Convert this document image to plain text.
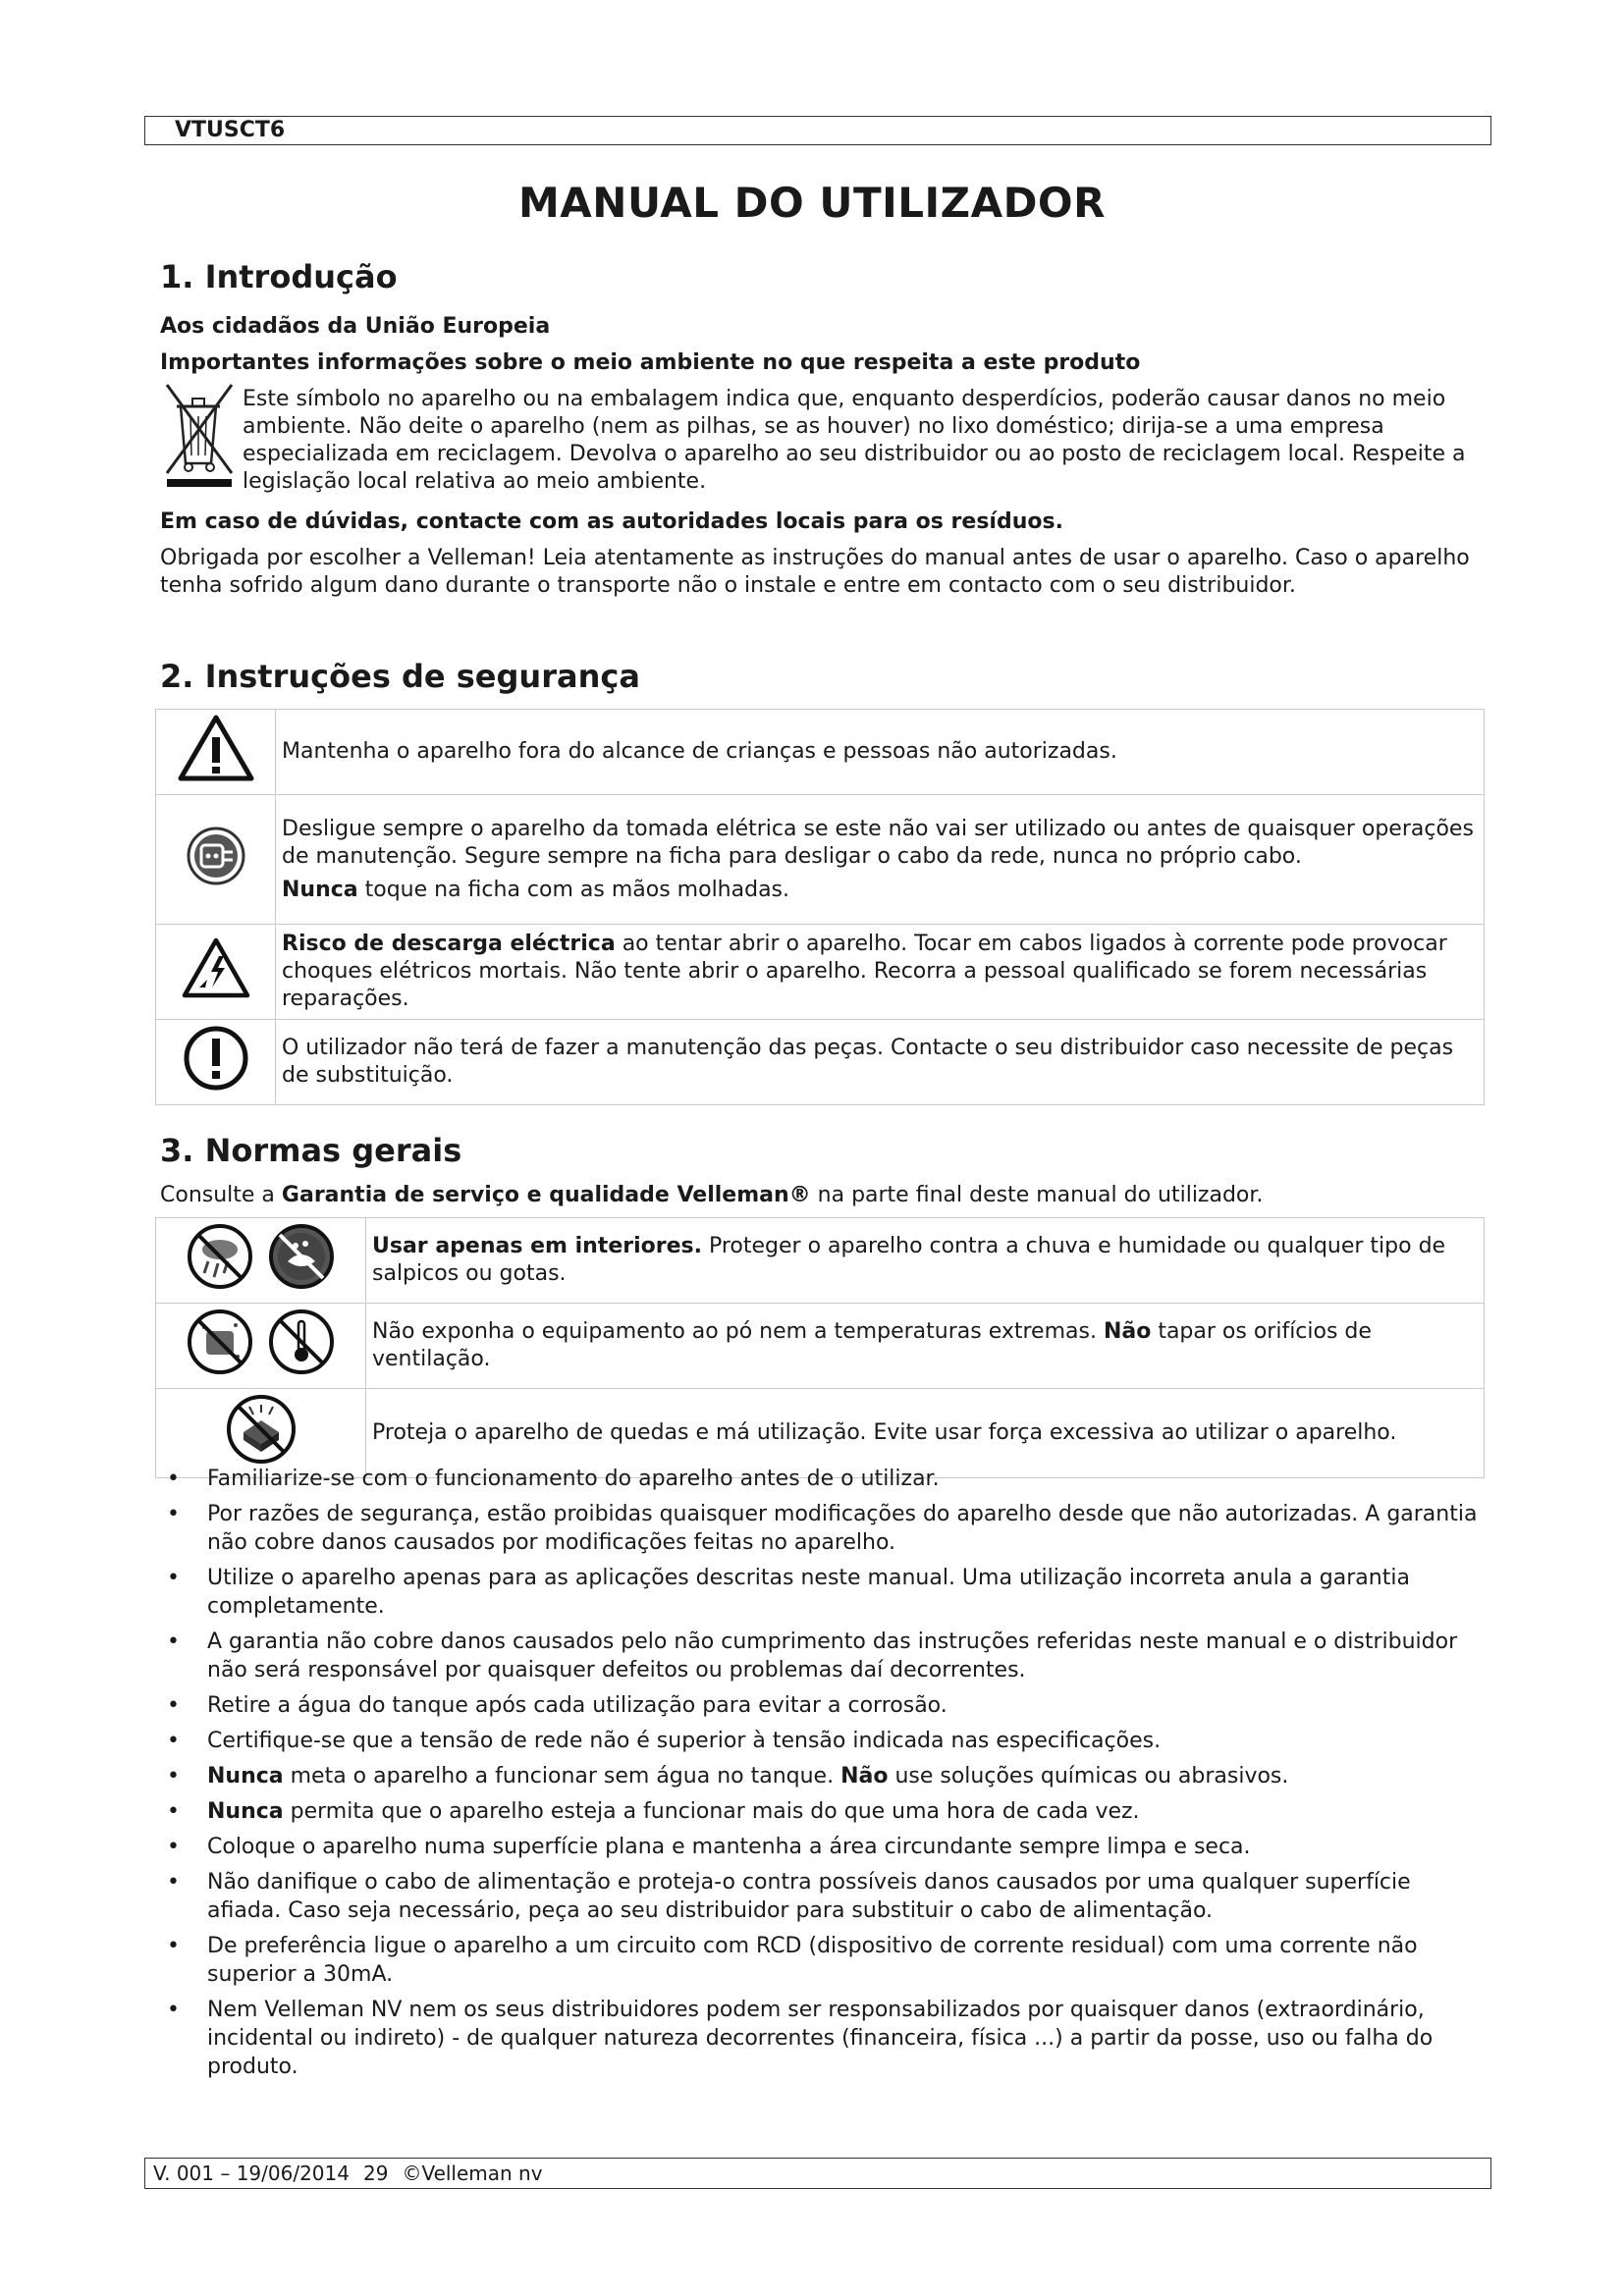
VTUSCT6
MANUAL DO UTILIZADOR
1. Introdução
Aos cidadãos da União Europeia
Importantes informações sobre o meio ambiente no que respeita a este produto
Este símbolo no aparelho ou na embalagem indica que, enquanto desperdícios, poderão causar danos no meio ambiente. Não deite o aparelho (nem as pilhas, se as houver) no lixo doméstico; dirija-se a uma empresa especializada em reciclagem. Devolva o aparelho ao seu distribuidor ou ao posto de reciclagem local. Respeite a legislação local relativa ao meio ambiente.
Em caso de dúvidas, contacte com as autoridades locais para os resíduos.
Obrigada por escolher a Velleman! Leia atentamente as instruções do manual antes de usar o aparelho. Caso o aparelho tenha sofrido algum dano durante o transporte não o instale e entre em contacto com o seu distribuidor.
2. Instruções de segurança
	Mantenha o aparelho fora do alcance de crianças e pessoas não autorizadas.

Desligue sempre o aparelho da tomada elétrica se este não vai ser utilizado ou antes de quaisquer operações de manutenção. Segure sempre na ficha para desligar o cabo da rede, nunca no próprio cabo.
Nunca toque na ficha com as mãos molhadas.

	Risco de descarga eléctrica ao tentar abrir o aparelho. Tocar em cabos ligados à corrente pode provocar choques elétricos mortais. Não tente abrir o aparelho. Recorra a pessoal qualificado se forem necessárias reparações.

	O utilizador não terá de fazer a manutenção das peças. Contacte o seu distribuidor caso necessite de peças de substituição.
3. Normas gerais
Consulte a Garantia de serviço e qualidade Velleman® na parte final deste manual do utilizador.

	Usar apenas em interiores. Proteger o aparelho contra a chuva e humidade ou qualquer tipo de salpicos ou gotas.

	Não exponha o equipamento ao pó nem a temperaturas extremas. Não tapar os orifícios de ventilação.

	Proteja o aparelho de quedas e má utilização. Evite usar força excessiva ao utilizar o aparelho.
• Familiarize-se com o funcionamento do aparelho antes de o utilizar.
• Por razões de segurança, estão proibidas quaisquer modificações do aparelho desde que não autorizadas. A garantia não cobre danos causados por modificações feitas no aparelho.
• Utilize o aparelho apenas para as aplicações descritas neste manual. Uma utilização incorreta anula a garantia completamente.
• A garantia não cobre danos causados pelo não cumprimento das instruções referidas neste manual e o distribuidor não será responsável por quaisquer defeitos ou problemas daí decorrentes.
• Retire a água do tanque após cada utilização para evitar a corrosão.
• Certifique-se que a tensão de rede não é superior à tensão indicada nas especificações.
• Nunca meta o aparelho a funcionar sem água no tanque. Não use soluções químicas ou abrasivos.
• Nunca permita que o aparelho esteja a funcionar mais do que uma hora de cada vez.
• Coloque o aparelho numa superfície plana e mantenha a área circundante sempre limpa e seca.
• Não danifique o cabo de alimentação e proteja-o contra possíveis danos causados por uma qualquer superfície afiada. Caso seja necessário, peça ao seu distribuidor para substituir o cabo de alimentação.
• De preferência ligue o aparelho a um circuito com RCD (dispositivo de corrente residual) com uma corrente não superior a 30mA.
• Nem Velleman NV nem os seus distribuidores podem ser responsabilizados por quaisquer danos (extraordinário, incidental ou indireto) - de qualquer natureza decorrentes (financeira, física ...) a partir da posse, uso ou falha do produto.
V. 001 – 19/06/2014 29 ©Velleman nv
